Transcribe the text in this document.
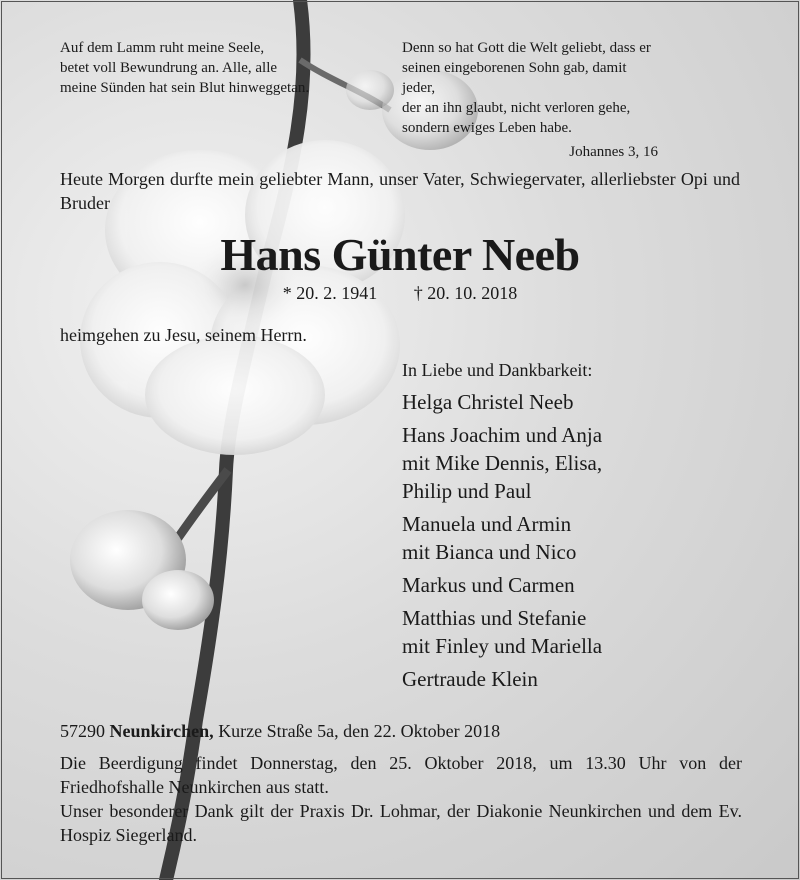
Auf dem Lamm ruht meine Seele,
betet voll Bewundrung an. Alle, alle
meine Sünden hat sein Blut hinweggetan.
Denn so hat Gott die Welt geliebt, dass er
seinen eingeborenen Sohn gab, damit jeder,
der an ihn glaubt, nicht verloren gehe,
sondern ewiges Leben habe.
Johannes 3, 16
Heute Morgen durfte mein geliebter Mann, unser Vater, Schwiegervater, allerliebster Opi und Bruder
Hans Günter Neeb
* 20. 2. 1941 † 20. 10. 2018
heimgehen zu Jesu, seinem Herrn.
In Liebe und Dankbarkeit:
Helga Christel Neeb
Hans Joachim und Anja
mit Mike Dennis, Elisa,
Philip und Paul
Manuela und Armin
mit Bianca und Nico
Markus und Carmen
Matthias und Stefanie
mit Finley und Mariella
Gertraude Klein

57290 Neunkirchen, Kurze Straße 5a, den 22. Oktober 2018

Die Beerdigung findet Donnerstag, den 25. Oktober 2018, um 13.30 Uhr von der Friedhofshalle Neunkirchen aus statt.

Unser besonderer Dank gilt der Praxis Dr. Lohmar, der Diakonie Neunkirchen und dem Ev. Hospiz Siegerland.
